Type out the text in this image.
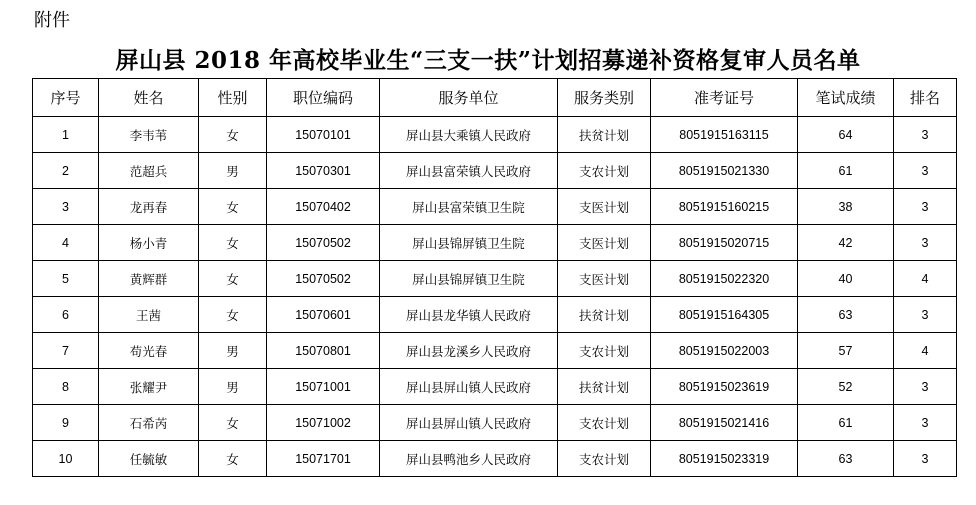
附件
屏山县 2018 年高校毕业生“三支一扶”计划招募递补资格复审人员名单
序号	姓名	性别	职位编码	服务单位	服务类别	准考证号	笔试成绩	排名
1	李韦苇	女	15070101	屏山县大乘镇人民政府	扶贫计划	8051915163115	64	3
2	范超兵	男	15070301	屏山县富荣镇人民政府	支农计划	8051915021330	61	3
3	龙再春	女	15070402	屏山县富荣镇卫生院	支医计划	8051915160215	38	3
4	杨小青	女	15070502	屏山县锦屏镇卫生院	支医计划	8051915020715	42	3
5	黄辉群	女	15070502	屏山县锦屏镇卫生院	支医计划	8051915022320	40	4
6	王茜	女	15070601	屏山县龙华镇人民政府	扶贫计划	8051915164305	63	3
7	苟光春	男	15070801	屏山县龙溪乡人民政府	支农计划	8051915022003	57	4
8	张耀尹	男	15071001	屏山县屏山镇人民政府	扶贫计划	8051915023619	52	3
9	石希芮	女	15071002	屏山县屏山镇人民政府	支农计划	8051915021416	61	3
10	任毓敏	女	15071701	屏山县鸭池乡人民政府	支农计划	8051915023319	63	3
